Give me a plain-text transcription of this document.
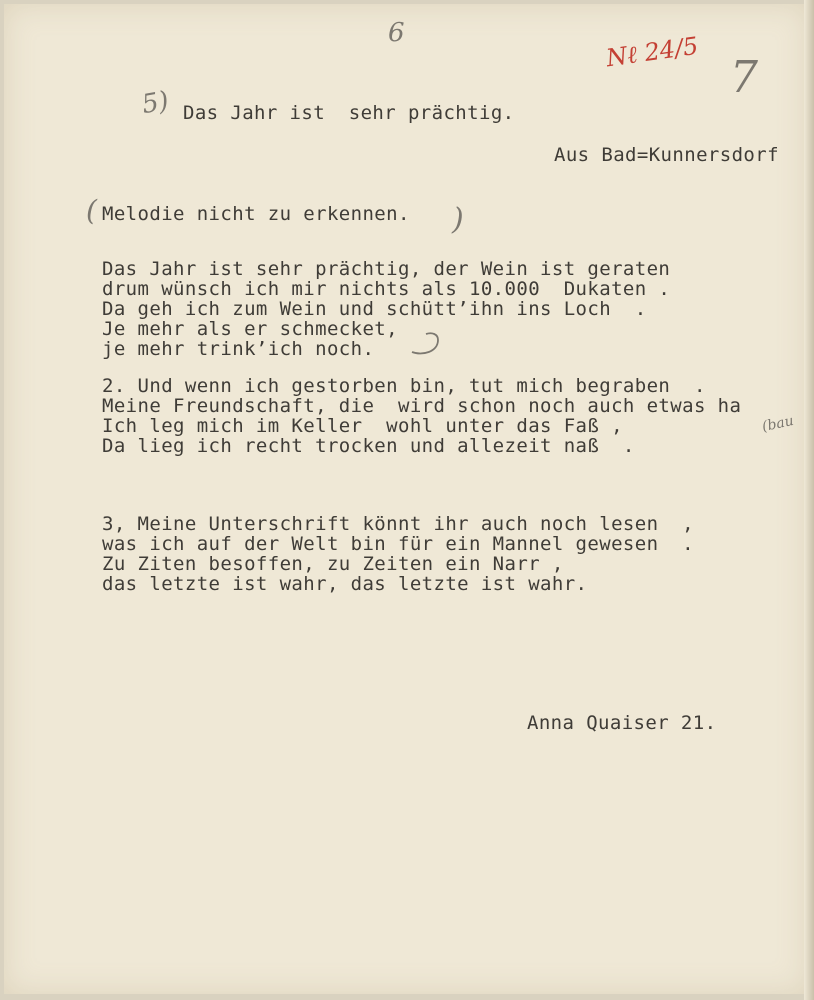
6	Nℓ 24/5 7
5) Das Jahr ist  sehr prächtig.
Aus Bad=Kunnersdorf
( Melodie nicht zu erkennen. )
Das Jahr ist sehr prächtig, der Wein ist geraten
drum wünsch ich mir nichts als 10.000  Dukaten .
Da geh ich zum Wein und schütt’ihn ins Loch  .
Je mehr als er schmecket,
je mehr trink’ich noch.
2. Und wenn ich gestorben bin, tut mich begraben  .
Meine Freundschaft, die  wird schon noch auch etwas ha
Ich leg mich im Keller  wohl unter das Faß ,
Da lieg ich recht trocken und allezeit naß  .
(bau
3, Meine Unterschrift könnt ihr auch noch lesen  ,
was ich auf der Welt bin für ein Mannel gewesen  .
Zu Ziten besoffen, zu Zeiten ein Narr ,
das letzte ist wahr, das letzte ist wahr.
Anna Quaiser 21.
